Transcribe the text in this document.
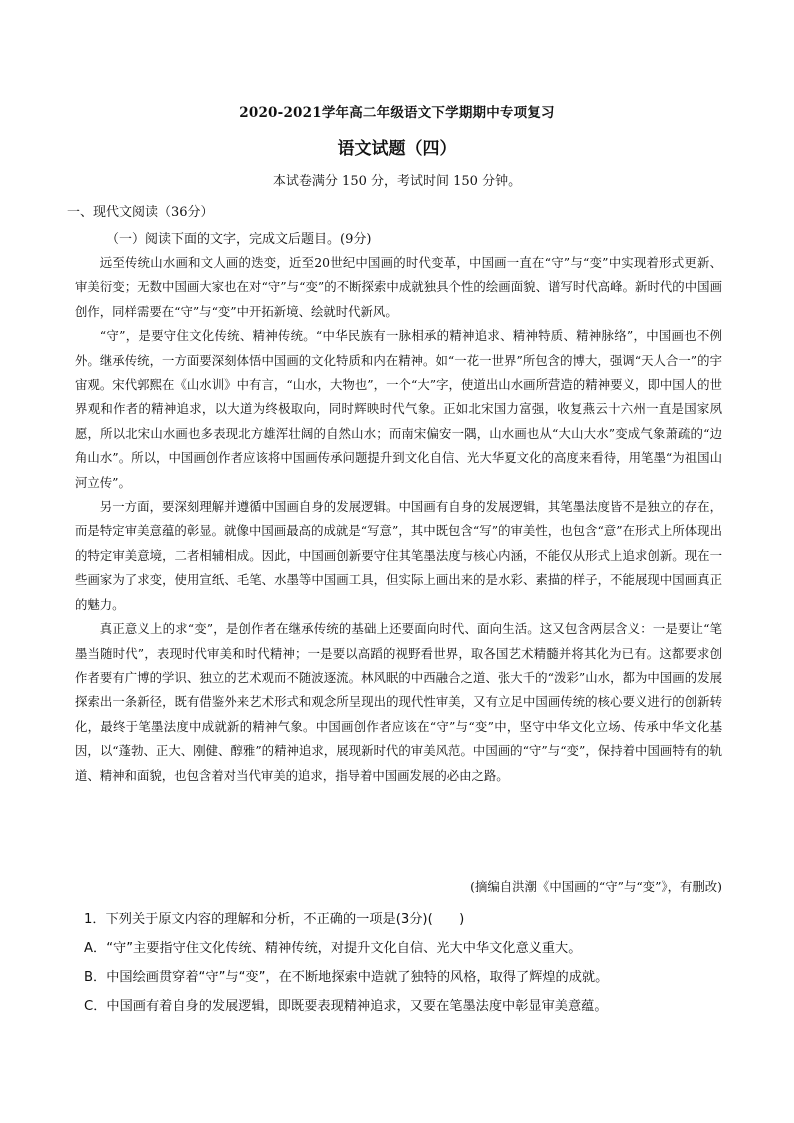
2020-2021学年高二年级语文下学期期中专项复习
语文试题（四）
本试卷满分 150 分，考试时间 150 分钟。
一、现代文阅读（36分）
（一）阅读下面的文字，完成文后题目。(9分)

远至传统山水画和文人画的迭变，近至20世纪中国画的时代变革，中国画一直在“守”与“变”中实现着形式更新、审美衍变；无数中国画大家也在对“守”与“变”的不断探索中成就独具个性的绘画面貌、谱写时代高峰。新时代的中国画创作，同样需要在“守”与“变”中开拓新境、绘就时代新风。

“守”，是要守住文化传统、精神传统。“中华民族有一脉相承的精神追求、精神特质、精神脉络”，中国画也不例外。继承传统，一方面要深刻体悟中国画的文化特质和内在精神。如“一花一世界”所包含的博大，强调“天人合一”的宇宙观。宋代郭熙在《山水训》中有言，“山水，大物也”，一个“大”字，使道出山水画所营造的精神要义，即中国人的世界观和作者的精神追求，以大道为终极取向，同时辉映时代气象。正如北宋国力富强，收复燕云十六州一直是国家夙愿，所以北宋山水画也多表现北方雄浑壮阔的自然山水；而南宋偏安一隅，山水画也从“大山大水”变成气象萧疏的“边角山水”。所以，中国画创作者应该将中国画传承问题提升到文化自信、光大华夏文化的高度来看待，用笔墨“为祖国山河立传”。

另一方面，要深刻理解并遵循中国画自身的发展逻辑。中国画有自身的发展逻辑，其笔墨法度皆不是独立的存在，而是特定审美意蕴的彰显。就像中国画最高的成就是“写意”，其中既包含“写”的审美性，也包含“意”在形式上所体现出的特定审美意境，二者相辅相成。因此，中国画创新要守住其笔墨法度与核心内涵，不能仅从形式上追求创新。现在一些画家为了求变，使用宣纸、毛笔、水墨等中国画工具，但实际上画出来的是水彩、素描的样子，不能展现中国画真正的魅力。

真正意义上的求“变”，是创作者在继承传统的基础上还要面向时代、面向生活。这又包含两层含义：一是要让“笔墨当随时代”，表现时代审美和时代精神；一是要以高蹈的视野看世界，取各国艺术精髓并将其化为已有。这都要求创作者要有广博的学识、独立的艺术观而不随波逐流。林风眠的中西融合之道、张大千的“泼彩”山水，都为中国画的发展探索出一条新径，既有借鉴外来艺术形式和观念所呈现出的现代性审美，又有立足中国画传统的核心要义进行的创新转化，最终于笔墨法度中成就新的精神气象。中国画创作者应该在“守”与“变”中，坚守中华文化立场、传承中华文化基因，以“蓬勃、正大、刚健、醇雅”的精神追求，展现新时代的审美风范。中国画的“守”与“变”，保持着中国画特有的轨道、精神和面貌，也包含着对当代审美的追求，指导着中国画发展的必由之路。

(摘编自洪潮《中国画的“守”与“变”》，有删改)
1．下列关于原文内容的理解和分析，不正确的一项是(3分)(　　)
A．“守”主要指守住文化传统、精神传统，对提升文化自信、光大中华文化意义重大。
B．中国绘画贯穿着“守”与“变”，在不断地探索中造就了独特的风格，取得了辉煌的成就。
C．中国画有着自身的发展逻辑，即既要表现精神追求，又要在笔墨法度中彰显审美意蕴。
